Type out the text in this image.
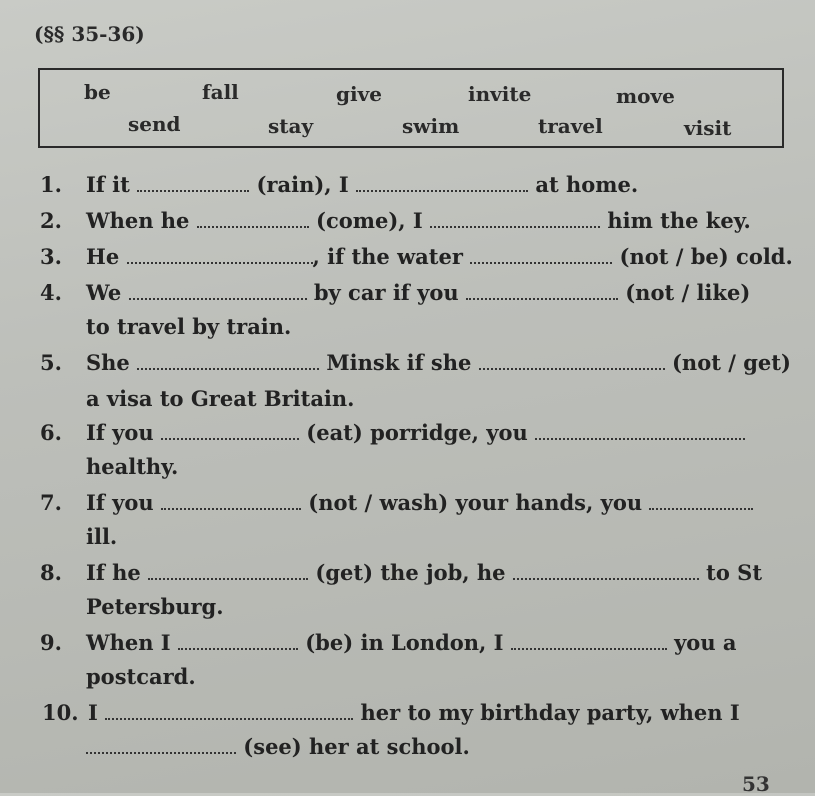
(§§ 35-36)
be	fall	give	invite	move
send	stay	swim	travel	visit
1. If it	(rain), I	at home.
2. When he	(come), I	him the key.
3. He	, if the water	(not / be) cold.
4. We	by car if you	(not / like)
to travel by train.
5. She	Minsk if she	(not / get)
a visa to Great Britain.
6. If you	(eat) porridge, you
healthy.
7. If you	(not / wash) your hands, you
ill.
8. If he	(get) the job, he	to St
Petersburg.
9. When I	(be) in London, I	you a
postcard.
10. I	her to my birthday party, when I
(see) her at school.
53
